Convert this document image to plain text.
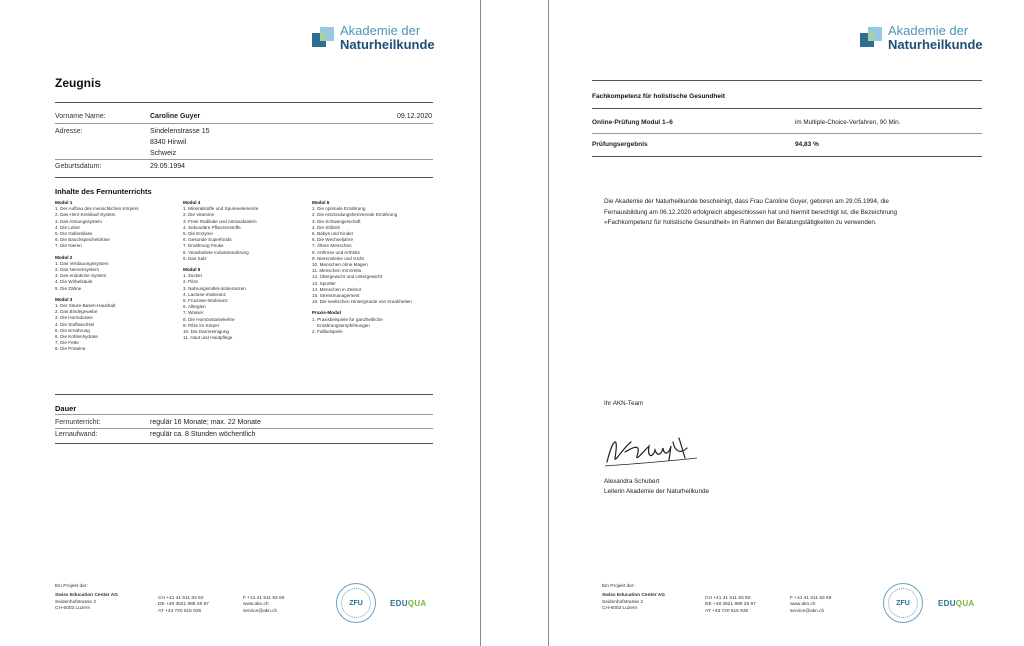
Akademie der
Naturheilkunde
Zeugnis
Vorname Name:	Caroline Guyer	09.12.2020
Adresse:	Sindelenstrasse 15
8340 Hinwil
Schweiz
Geburtsdatum:	29.05.1994
Inhalte des Fernunterrichts
Modul 1
1. Der Aufbau des menschlichen Körpers
2. Das Herz-Kreislauf-System
3. Das Atmungssystem
4. Die Leber
5. Die Gallenblase
6. Die Bauchspeicheldrüse
7. Die Nieren
Modul 2
1. Das Verdauungssystem
2. Das Nervensystem
3. Das endokrine System
4. Die Wirbelsäule
5. Die Zähne
Modul 3
1. Der Säure-Basen-Haushalt
2. Das Bindegewebe
3. Die Hormdosise
4. Die Stoffwechsel
5. Die Ernährung
6. Die Kohlenhydrate
7. Die Fette
8. Die Proteine
Modul 4
1. Mineralstoffe und Spurenelemente
2. Die Vitamine
3. Freie Radikale und Antioxidantien
4. Sekundäre Pflanzenstoffe
5. Die Enzyme
6. Gesunde Superfoods
7. Ernährung Feuke
8. Verarbeitete Industrienahrung
9. Das Salz
Modul 5
1. Zucker
2. Pilze
3. Nahrungsmittel-Intoleranzen
4. Lactose-Intoleranz
5. Fructose-Intoleranz
6. Allergien
7. Wasser
8. Die Homöostasiekehre
9. Pilze im Körper
10. Die Darmreinigung
11. Haut und Hautpflege
Modul 6
1. Die optimale Ernährung
2. Die entzündungshemmende Ernährung
3. Die Schwangerschaft
4. Die Stillzeit
5. Babys und Kinder
6. Die Wechseljahre
7. Ältere Menschen
8. Arthrose und Arthritis
9. Nierensteine und Gicht
10. Menschen ohne Magen
11. Menschen mit Krebs
12. Übergewicht und Untergewicht
13. Sportler
14. Menschen in Zeitnot
15. Stressmanagement
16. Die seelischen Hintergründe von Krankheiten
Praxis-Modul
1. Praxisbeispiele für ganzheitliche
Ernährungsempfehlungen
2. Fallbeispiele
Dauer
Fernunterricht:	regulär 16 Monate; max. 22 Monate
Lernaufwand:	regulär ca. 8 Stunden wöchentlich
Ein Projekt der:
Swiss Education Center AG
Seidenhofstrasse 2
CH-6003 Luzern
CH +41 41 511 83 60
DE +49 3521 888 28 97
AT +43 720 515 935
F +41 41 511 83 69
www.akn.ch
service@akn.ch
ZFU	EDUQUA
Akademie der
Naturheilkunde
Fachkompetenz für holistische Gesundheit
Online-Prüfung Modul 1–6	im Multiple-Choice-Verfahren, 90 Min.
Prüfungsergebnis	94,83 %
Die Akademie der Naturheilkunde bescheinigt, dass Frau Caroline Guyer, geboren am 29.05.1994, die
Fernausbildung am 06.12.2020 erfolgreich abgeschlossen hat und hiermit berechtigt ist, die Bezeichnung
«Fachkompetenz für holistische Gesundheit» im Rahmen der Beratungstätigkeiten zu verwenden.
Ihr AKN-Team
Alexandra Schubert
Leiterin Akademie der Naturheilkunde
Ein Projekt der:
Swiss Education Center AG
Seidenhofstrasse 2
CH-6003 Luzern
CH +41 41 511 83 60
DE +49 3521 888 28 97
AT +43 720 515 935
F +41 41 511 83 69
www.akn.ch
service@akn.ch
ZFU	EDUQUA
